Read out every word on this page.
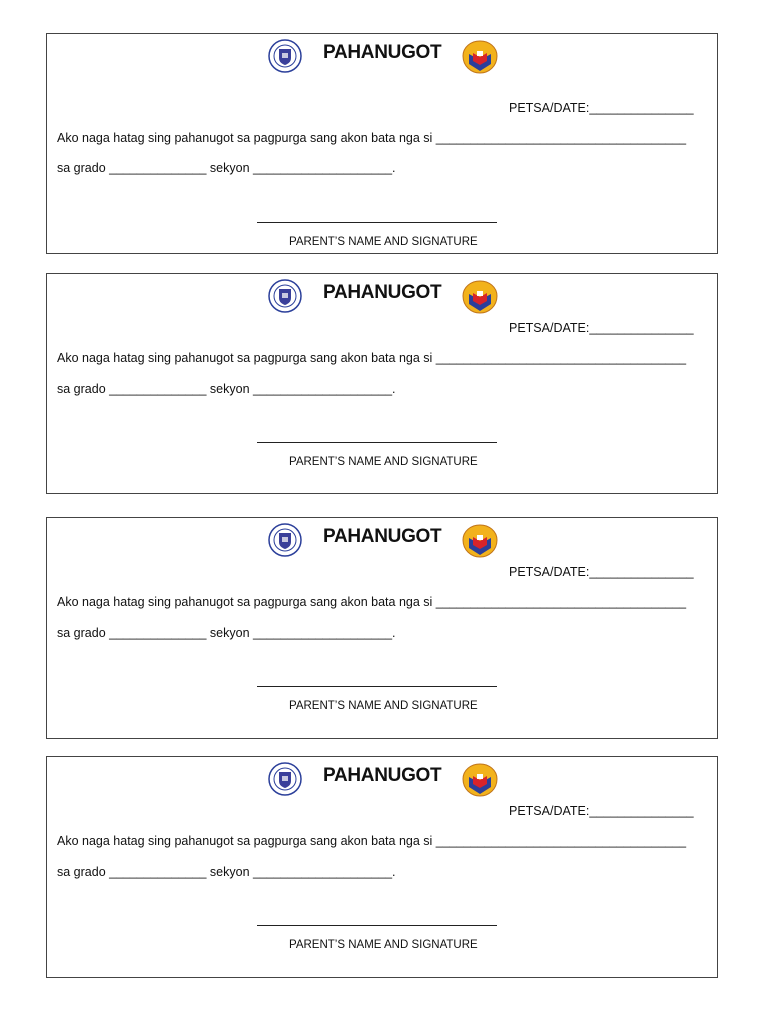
PAHANUGOT
PETSA/DATE:_______________
Ako naga hatag sing pahanugot sa pagpurga sang akon bata nga si ____________________________________
sa grado ______________ sekyon ____________________.
PARENT’S NAME AND SIGNATURE
PAHANUGOT
PETSA/DATE:_______________
Ako naga hatag sing pahanugot sa pagpurga sang akon bata nga si ____________________________________
sa grado ______________ sekyon ____________________.
PARENT’S NAME AND SIGNATURE
PAHANUGOT
PETSA/DATE:_______________
Ako naga hatag sing pahanugot sa pagpurga sang akon bata nga si ____________________________________
sa grado ______________ sekyon ____________________.
PARENT’S NAME AND SIGNATURE
PAHANUGOT
PETSA/DATE:_______________
Ako naga hatag sing pahanugot sa pagpurga sang akon bata nga si ____________________________________
sa grado ______________ sekyon ____________________.
PARENT’S NAME AND SIGNATURE
